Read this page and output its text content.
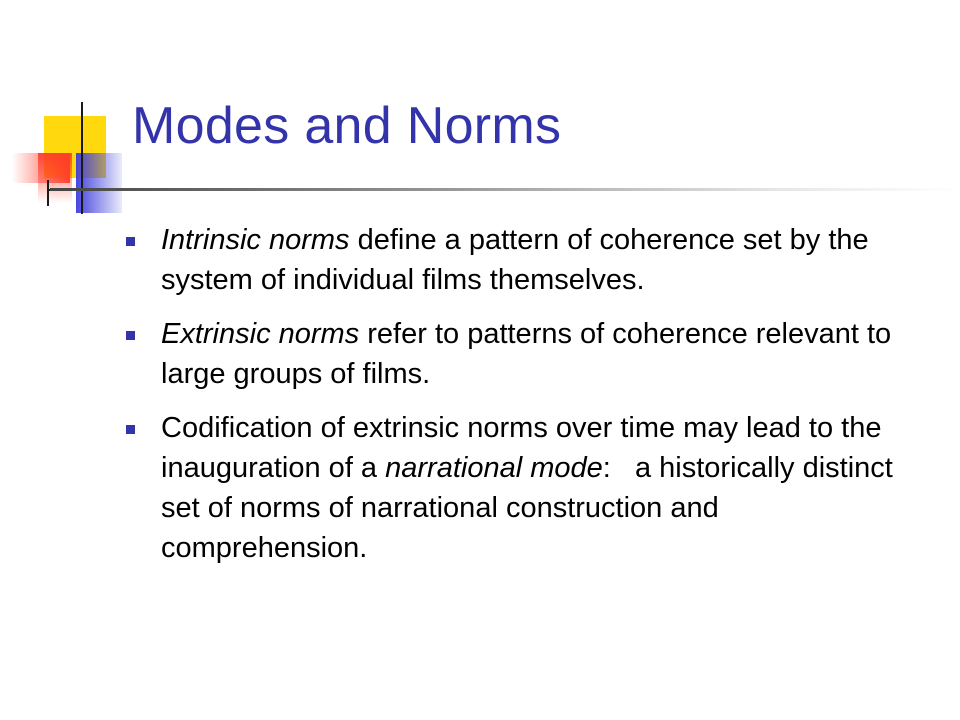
Modes and Norms
Intrinsic norms define a pattern of coherence set by the system of individual films themselves.
Extrinsic norms refer to patterns of coherence relevant to large groups of films.
Codification of extrinsic norms over time may lead to the inauguration of a narrational mode:   a historically distinct set of norms of narrational construction and comprehension.
